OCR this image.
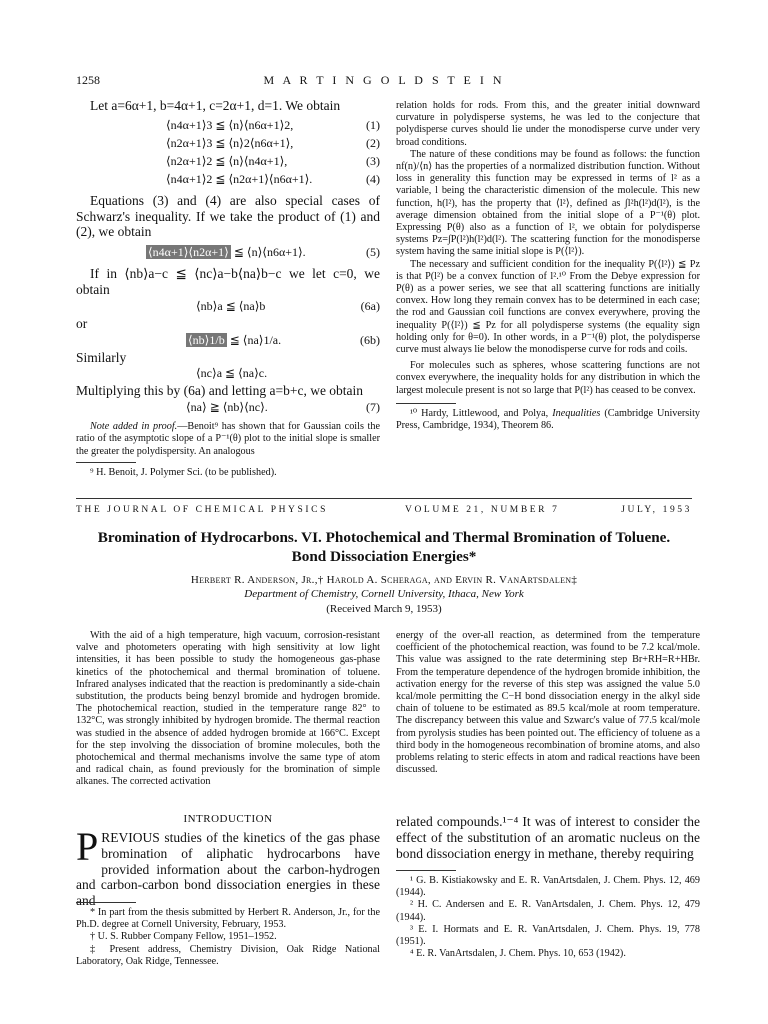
1258	M A R T I N G O L D S T E I N

Let a=6α+1, b=4α+1, c=2α+1, d=1. We obtain

⟨n4α+1⟩3 ≦ ⟨n⟩⟨n6α+1⟩2,	(1)
⟨n2α+1⟩3 ≦ ⟨n⟩2⟨n6α+1⟩,	(2)
⟨n2α+1⟩2 ≦ ⟨n⟩⟨n4α+1⟩,	(3)
⟨n4α+1⟩2 ≦ ⟨n2α+1⟩⟨n6α+1⟩.	(4)

Equations (3) and (4) are also special cases of Schwarz's inequality. If we take the product of (1) and (2), we obtain

⟨n4α+1⟩⟨n2α+1⟩ ≦ ⟨n⟩⟨n6α+1⟩.	(5)

If in ⟨nb⟩a−c ≦ ⟨nc⟩a−b⟨na⟩b−c we let c=0, we obtain

⟨nb⟩a ≦ ⟨na⟩b	(6a)

or

⟨nb⟩1/b ≦ ⟨na⟩1/a.	(6b)

Similarly

⟨nc⟩a ≦ ⟨na⟩c.

Multiplying this by (6a) and letting a=b+c, we obtain

⟨na⟩ ≧ ⟨nb⟩⟨nc⟩.	(7)

Note added in proof.—Benoit⁹ has shown that for Gaussian coils the ratio of the asymptotic slope of a P⁻¹(θ) plot to the initial slope is smaller the greater the polydispersity. An analogous

⁹ H. Benoit, J. Polymer Sci. (to be published).

relation holds for rods. From this, and the greater initial downward curvature in polydisperse systems, he was led to the conjecture that polydisperse curves should lie under the monodisperse curve under very broad conditions.

The nature of these conditions may be found as follows: the function nf(n)/⟨n⟩ has the properties of a normalized distribution function. Without loss in generality this function may be expressed in terms of l² as a variable, l being the characteristic dimension of the molecule. This new function, h(l²), has the property that ⟨l²⟩, defined as ∫l²h(l²)d(l²), is the average dimension obtained from the initial slope of a P⁻¹(θ) plot. Expressing P(θ) also as a function of l², we obtain for polydisperse systems Pz=∫P(l²)h(l²)d(l²). The scattering function for the monodisperse system having the same initial slope is P(⟨l²⟩).

The necessary and sufficient condition for the inequality P(⟨l²⟩) ≦ Pz is that P(l²) be a convex function of l².¹⁰ From the Debye expression for P(θ) as a power series, we see that all scattering functions are initially convex. How long they remain convex has to be determined in each case; the rod and Gaussian coil functions are convex everywhere, proving the inequality P(⟨l²⟩) ≦ Pz for all polydisperse systems (the equality sign holding only for θ=0). In other words, in a P⁻¹(θ) plot, the polydisperse curve must always lie below the monodisperse curve for rods and coils.

For molecules such as spheres, whose scattering functions are not convex everywhere, the inequality holds for any distribution in which the largest molecule present is not so large that P(l²) has ceased to be convex.

¹⁰ Hardy, Littlewood, and Polya, Inequalities (Cambridge University Press, Cambridge, 1934), Theorem 86.

THE JOURNAL OF CHEMICAL PHYSICS	VOLUME 21, NUMBER 7	JULY, 1953
Bromination of Hydrocarbons. VI. Photochemical and Thermal Bromination of Toluene.
Bond Dissociation Energies*
Herbert R. Anderson, Jr.,† Harold A. Scheraga, and Ervin R. VanArtsdalen‡
Department of Chemistry, Cornell University, Ithaca, New York
(Received March 9, 1953)

With the aid of a high temperature, high vacuum, corrosion-resistant valve and photometers operating with high sensitivity at low light intensities, it has been possible to study the homogeneous gas-phase kinetics of the photochemical and thermal bromination of toluene. Infrared analyses indicated that the reaction is predominantly a side-chain substitution, the products being benzyl bromide and hydrogen bromide. The photochemical reaction, studied in the temperature range 82° to 132°C, was strongly inhibited by hydrogen bromide. The thermal reaction was studied in the absence of added hydrogen bromide at 166°C. Except for the step involving the dissociation of bromine molecules, both the photochemical and thermal mechanisms involve the same type of atom and radical chain, as found previously for the bromination of simple alkanes. The corrected activation

energy of the over-all reaction, as determined from the temperature coefficient of the photochemical reaction, was found to be 7.2 kcal/mole. This value was assigned to the rate determining step Br+RH=R+HBr. From the temperature dependence of the hydrogen bromide inhibition, the activation energy for the reverse of this step was assigned the value 5.0 kcal/mole permitting the C−H bond dissociation energy in the alkyl side chain of toluene to be estimated as 89.5 kcal/mole at room temperature. The discrepancy between this value and Szwarc's value of 77.5 kcal/mole from pyrolysis studies has been pointed out. The efficiency of toluene as a third body in the homogeneous recombination of bromine atoms, and also problems relating to steric effects in atom and radical reactions have been discussed.

INTRODUCTION

PREVIOUS studies of the kinetics of the gas phase bromination of aliphatic hydrocarbons have provided information about the carbon-hydrogen and carbon-carbon bond dissociation energies in these and

* In part from the thesis submitted by Herbert R. Anderson, Jr., for the Ph.D. degree at Cornell University, February, 1953.

† U. S. Rubber Company Fellow, 1951–1952.

‡ Present address, Chemistry Division, Oak Ridge National Laboratory, Oak Ridge, Tennessee.

related compounds.¹⁻⁴ It was of interest to consider the effect of the substitution of an aromatic nucleus on the bond dissociation energy in methane, thereby requiring

¹ G. B. Kistiakowsky and E. R. VanArtsdalen, J. Chem. Phys. 12, 469 (1944).

² H. C. Andersen and E. R. VanArtsdalen, J. Chem. Phys. 12, 479 (1944).

³ E. I. Hormats and E. R. VanArtsdalen, J. Chem. Phys. 19, 778 (1951).

⁴ E. R. VanArtsdalen, J. Chem. Phys. 10, 653 (1942).
